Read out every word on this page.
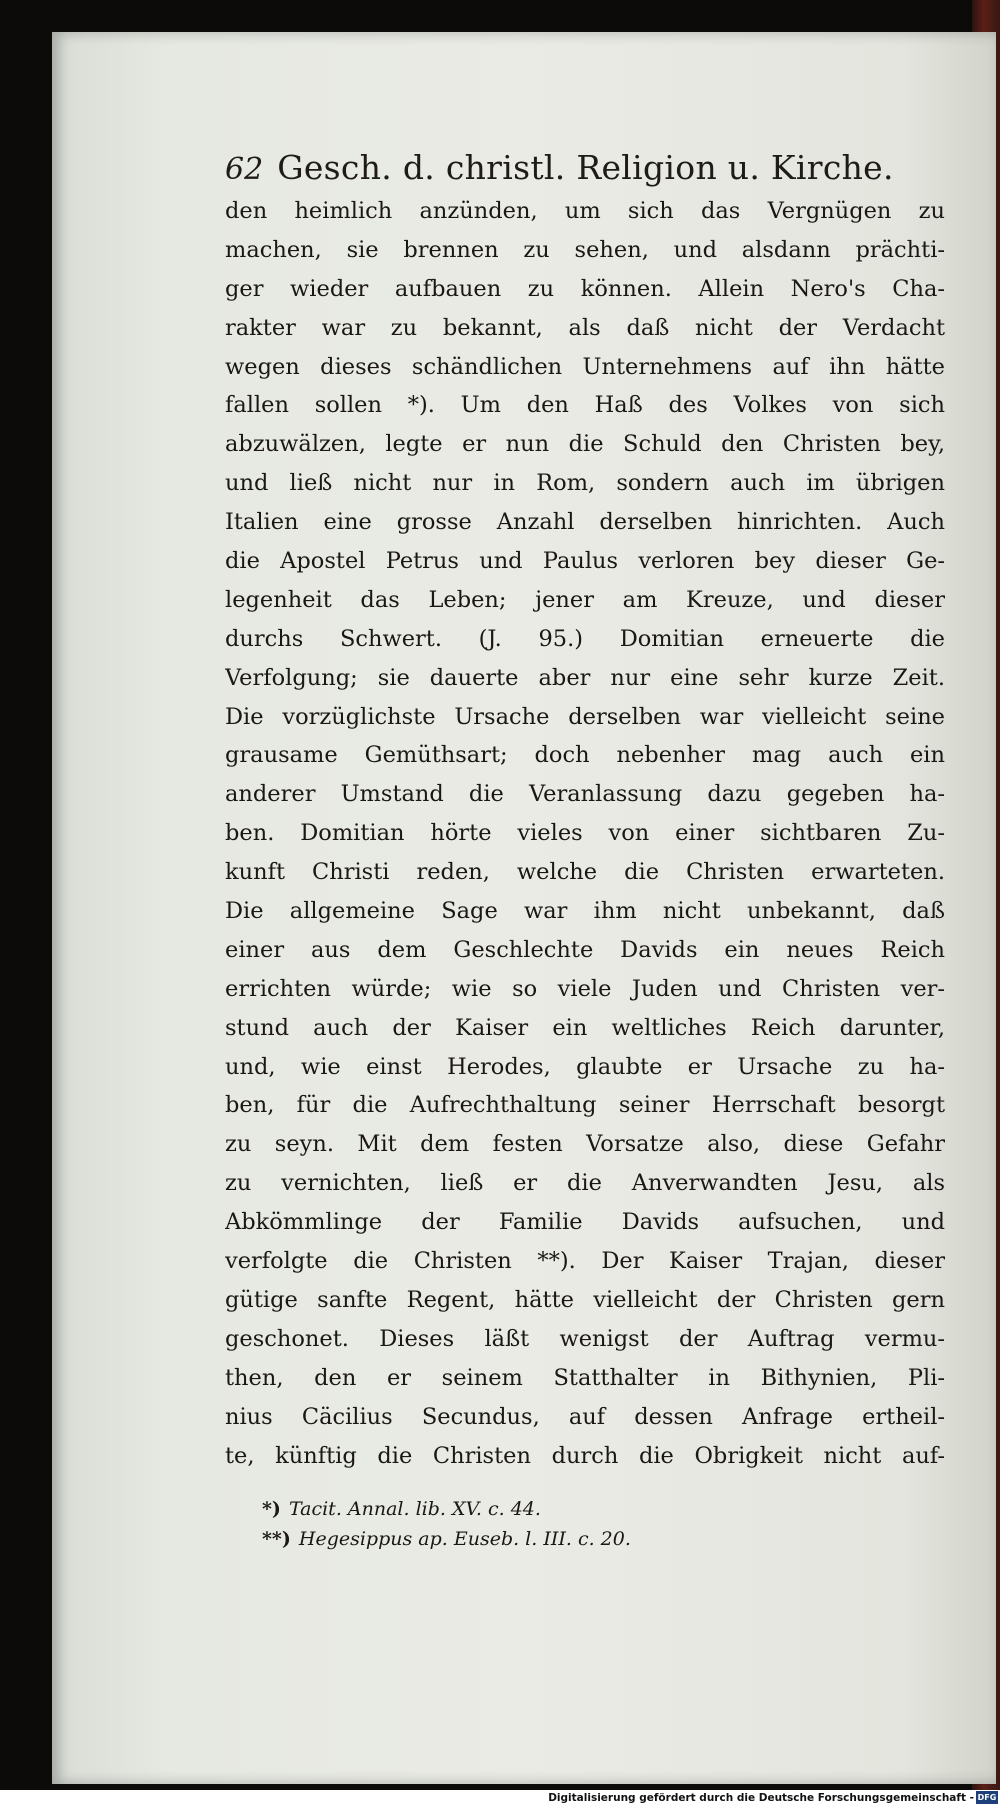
62 Gesch. d. christl. Religion u. Kirche.
den heimlich anzünden, um sich das Vergnügen zu
machen, sie brennen zu sehen, und alsdann prächti-
ger wieder aufbauen zu können. Allein Nero's Cha-
rakter war zu bekannt, als daß nicht der Verdacht
wegen dieses schändlichen Unternehmens auf ihn hätte
fallen sollen *). Um den Haß des Volkes von sich
abzuwälzen, legte er nun die Schuld den Christen bey,
und ließ nicht nur in Rom, sondern auch im übrigen
Italien eine grosse Anzahl derselben hinrichten. Auch
die Apostel Petrus und Paulus verloren bey dieser Ge-
legenheit das Leben; jener am Kreuze, und dieser
durchs Schwert. (J. 95.) Domitian erneuerte die
Verfolgung; sie dauerte aber nur eine sehr kurze Zeit.
Die vorzüglichste Ursache derselben war vielleicht seine
grausame Gemüthsart; doch nebenher mag auch ein
anderer Umstand die Veranlassung dazu gegeben ha-
ben. Domitian hörte vieles von einer sichtbaren Zu-
kunft Christi reden, welche die Christen erwarteten.
Die allgemeine Sage war ihm nicht unbekannt, daß
einer aus dem Geschlechte Davids ein neues Reich
errichten würde; wie so viele Juden und Christen ver-
stund auch der Kaiser ein weltliches Reich darunter,
und, wie einst Herodes, glaubte er Ursache zu ha-
ben, für die Aufrechthaltung seiner Herrschaft besorgt
zu seyn. Mit dem festen Vorsatze also, diese Gefahr
zu vernichten, ließ er die Anverwandten Jesu, als
Abkömmlinge der Familie Davids aufsuchen, und
verfolgte die Christen **). Der Kaiser Trajan, dieser
gütige sanfte Regent, hätte vielleicht der Christen gern
geschonet. Dieses läßt wenigst der Auftrag vermu-
then, den er seinem Statthalter in Bithynien, Pli-
nius Cäcilius Secundus, auf dessen Anfrage ertheil-
te, künftig die Christen durch die Obrigkeit nicht auf-
*) Tacit. Annal. lib. XV. c. 44.
**) Hegesippus ap. Euseb. l. III. c. 20.
Digitalisierung gefördert durch die Deutsche Forschungsgemeinschaft - DFG
